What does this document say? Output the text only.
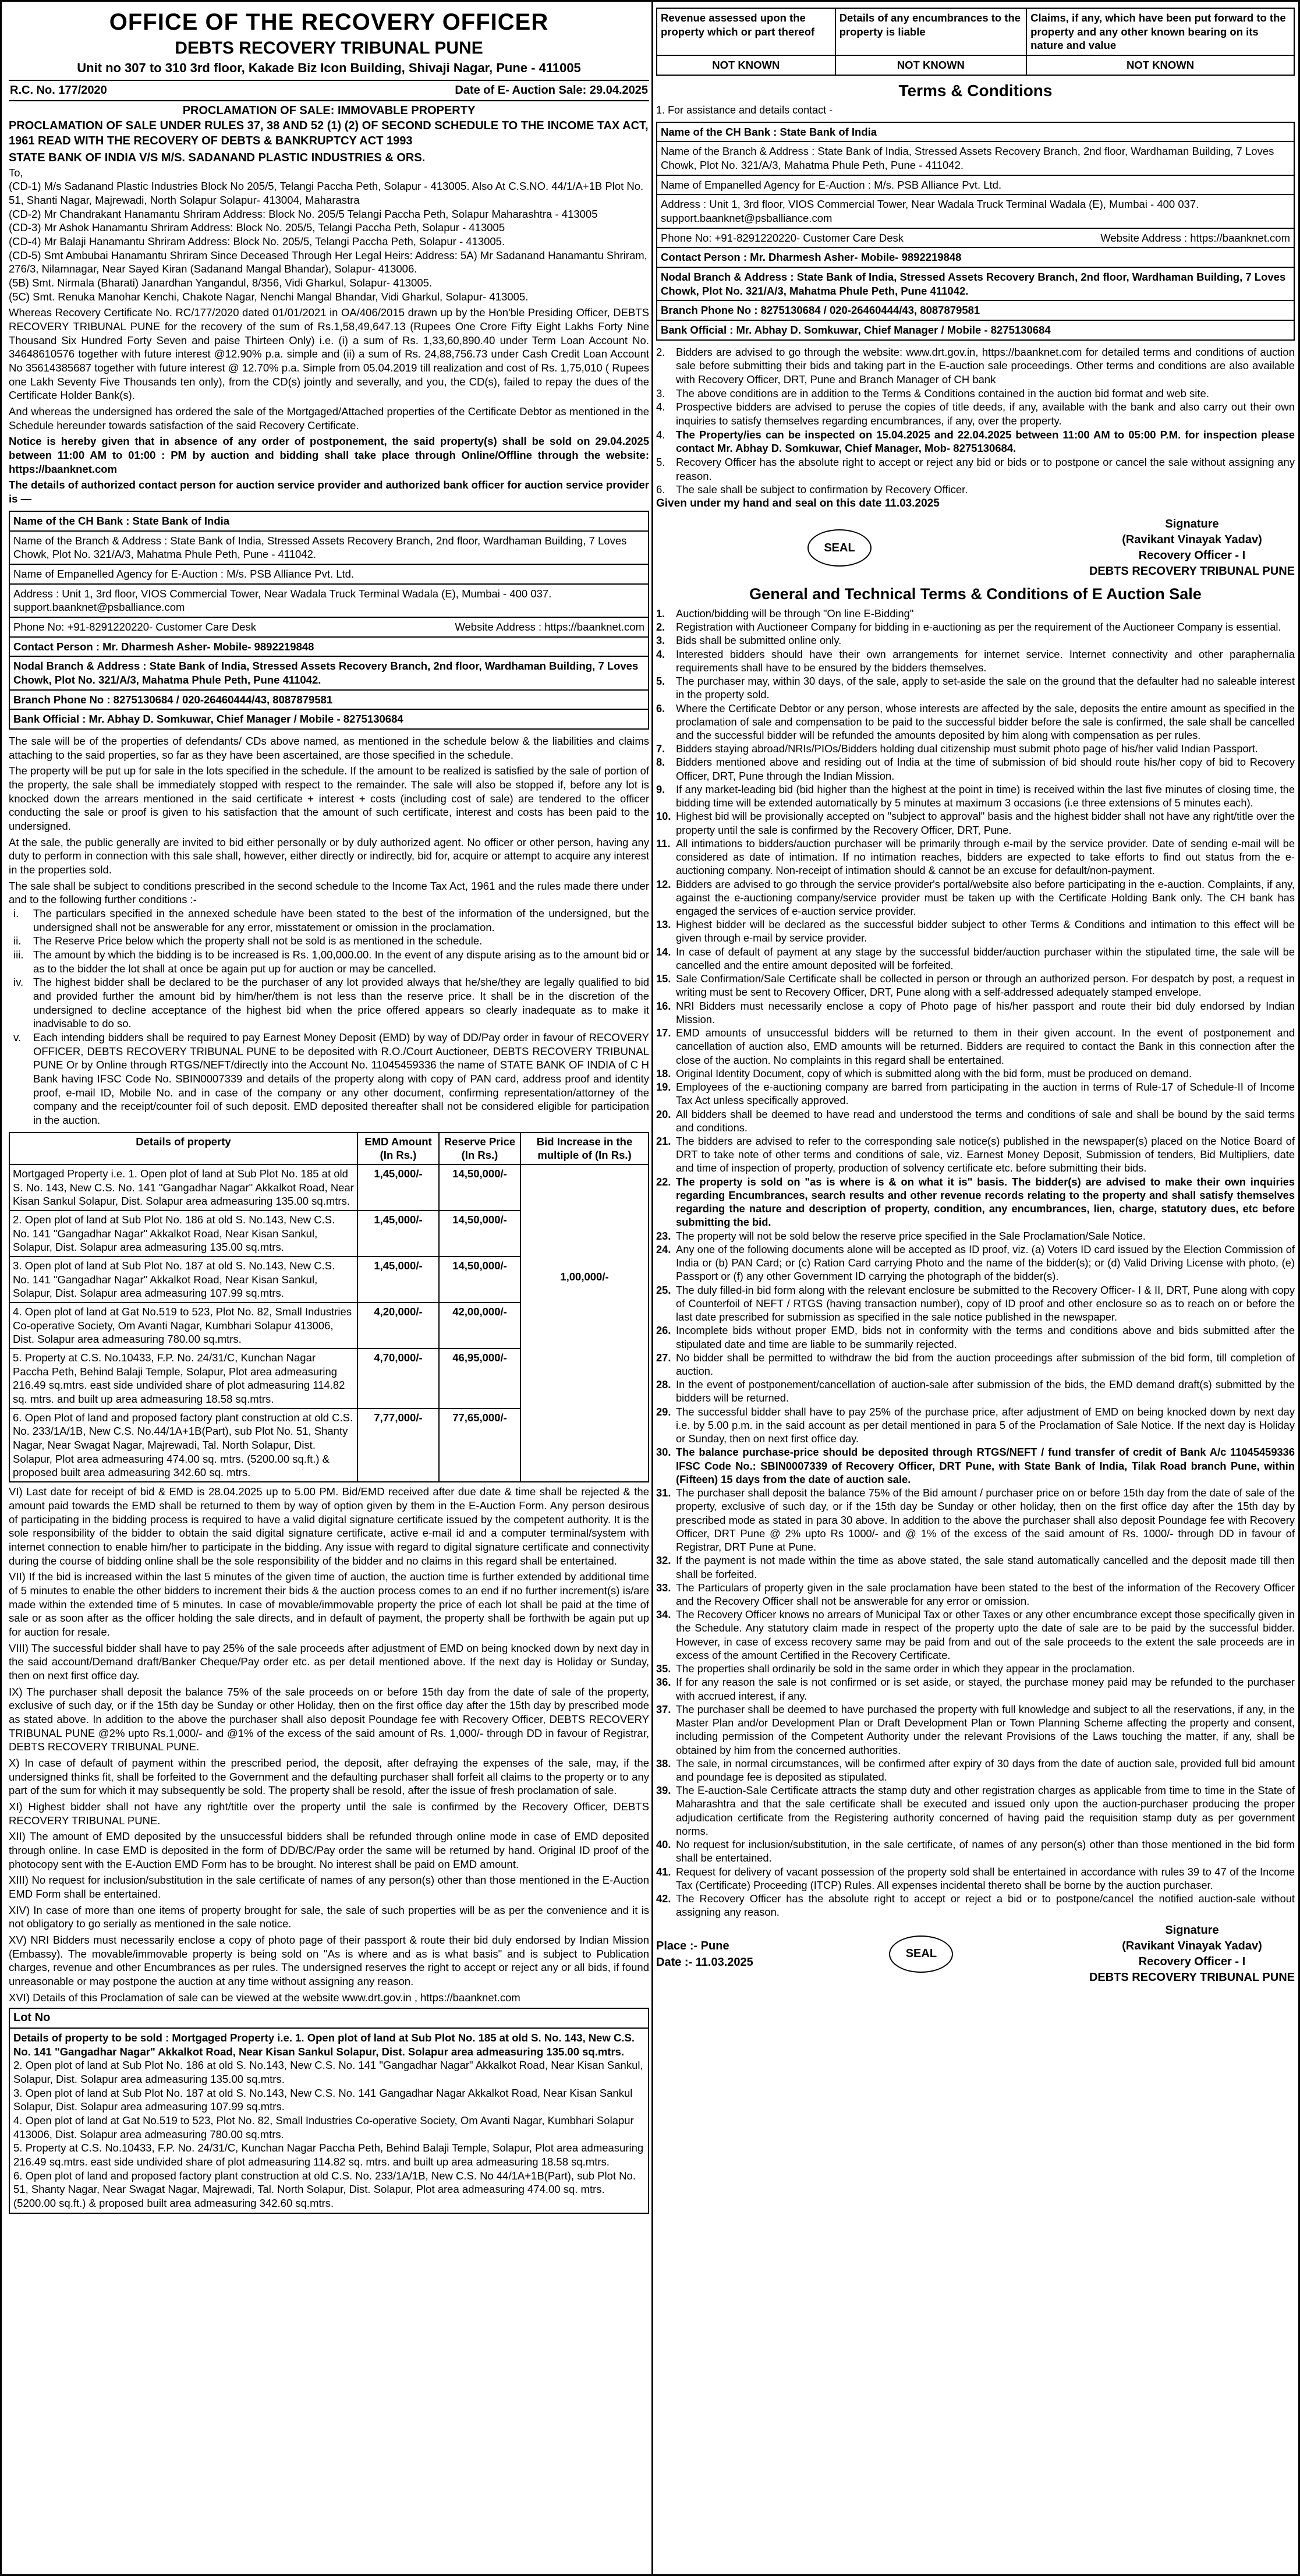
OFFICE OF THE RECOVERY OFFICER
DEBTS RECOVERY TRIBUNAL PUNE
Unit no 307 to 310 3rd floor, Kakade Biz Icon Building, Shivaji Nagar, Pune - 411005
R.C. No. 177/2020	Date of E- Auction Sale: 29.04.2025
PROCLAMATION OF SALE: IMMOVABLE PROPERTY
PROCLAMATION OF SALE UNDER RULES 37, 38 AND 52 (1) (2) OF SECOND SCHEDULE TO THE INCOME TAX ACT, 1961 READ WITH THE RECOVERY OF DEBTS & BANKRUPTCY ACT 1993
STATE BANK OF INDIA V/S M/S. SADANAND PLASTIC INDUSTRIES & ORS.
To,
(CD-1) M/s Sadanand Plastic Industries Block No 205/5, Telangi Paccha Peth, Solapur - 413005. Also At C.S.NO. 44/1/A+1B Plot No. 51, Shanti Nagar, Majrewadi, North Solapur Solapur- 413004, Maharastra
(CD-2) Mr Chandrakant Hanamantu Shriram Address: Block No. 205/5 Telangi Paccha Peth, Solapur Maharashtra - 413005
(CD-3) Mr Ashok Hanamantu Shriram Address: Block No. 205/5, Telangi Paccha Peth, Solapur - 413005
(CD-4) Mr Balaji Hanamantu Shriram Address: Block No. 205/5, Telangi Paccha Peth, Solapur - 413005.
(CD-5) Smt Ambubai Hanamantu Shriram Since Deceased Through Her Legal Heirs: Address: 5A) Mr Sadanand Hanamantu Shriram, 276/3, Nilamnagar, Near Sayed Kiran (Sadanand Mangal Bhandar), Solapur- 413006.
(5B) Smt. Nirmala (Bharati) Janardhan Yangandul, 8/356, Vidi Gharkul, Solapur- 413005.
(5C) Smt. Renuka Manohar Kenchi, Chakote Nagar, Nenchi Mangal Bhandar, Vidi Gharkul, Solapur- 413005.
Whereas Recovery Certificate No. RC/177/2020 dated 01/01/2021 in OA/406/2015 drawn up by the Hon'ble Presiding Officer, DEBTS RECOVERY TRIBUNAL PUNE for the recovery of the sum of Rs.1,58,49,647.13 (Rupees One Crore Fifty Eight Lakhs Forty Nine Thousand Six Hundred Forty Seven and paise Thirteen Only) i.e. (i) a sum of Rs. 1,33,60,890.40 under Term Loan Account No. 34648610576 together with future interest @12.90% p.a. simple and (ii) a sum of Rs. 24,88,756.73 under Cash Credit Loan Account No 35614385687 together with future interest @ 12.70% p.a. Simple from 05.04.2019 till realization and cost of Rs. 1,75,010 ( Rupees one Lakh Seventy Five Thousands ten only), from the CD(s) jointly and severally, and you, the CD(s), failed to repay the dues of the Certificate Holder Bank(s).
And whereas the undersigned has ordered the sale of the Mortgaged/Attached properties of the Certificate Debtor as mentioned in the Schedule hereunder towards satisfaction of the said Recovery Certificate.
Notice is hereby given that in absence of any order of postponement, the said property(s) shall be sold on 29.04.2025 between 11:00 AM to 01:00 : PM by auction and bidding shall take place through Online/Offline through the website: https://baanknet.com
The details of authorized contact person for auction service provider and authorized bank officer for auction service provider is —
Name of the CH Bank : State Bank of India
Name of the Branch & Address : State Bank of India, Stressed Assets Recovery Branch, 2nd floor, Wardhaman Building, 7 Loves Chowk, Plot No. 321/A/3, Mahatma Phule Peth, Pune - 411042.
Name of Empanelled Agency for E-Auction : M/s. PSB Alliance Pvt. Ltd.
Address : Unit 1, 3rd floor, VIOS Commercial Tower, Near Wadala Truck Terminal Wadala (E), Mumbai - 400 037. support.baanknet@psballiance.com
Phone No: +91-8291220220- Customer Care Desk	Website Address : https://baanknet.com
Contact Person : Mr. Dharmesh Asher- Mobile- 9892219848
Nodal Branch & Address : State Bank of India, Stressed Assets Recovery Branch, 2nd floor, Wardhaman Building, 7 Loves Chowk, Plot No. 321/A/3, Mahatma Phule Peth, Pune 411042.
Branch Phone No : 8275130684 / 020-26460444/43, 8087879581
Bank Official : Mr. Abhay D. Somkuwar, Chief Manager / Mobile - 8275130684
The sale will be of the properties of defendants/ CDs above named, as mentioned in the schedule below & the liabilities and claims attaching to the said properties, so far as they have been ascertained, are those specified in the schedule.
The property will be put up for sale in the lots specified in the schedule. If the amount to be realized is satisfied by the sale of portion of the property, the sale shall be immediately stopped with respect to the remainder. The sale will also be stopped if, before any lot is knocked down the arrears mentioned in the said certificate + interest + costs (including cost of sale) are tendered to the officer conducting the sale or proof is given to his satisfaction that the amount of such certificate, interest and costs has been paid to the undersigned.
At the sale, the public generally are invited to bid either personally or by duly authorized agent. No officer or other person, having any duty to perform in connection with this sale shall, however, either directly or indirectly, bid for, acquire or attempt to acquire any interest in the properties sold.
The sale shall be subject to conditions prescribed in the second schedule to the Income Tax Act, 1961 and the rules made there under and to the following further conditions :-
i.	The particulars specified in the annexed schedule have been stated to the best of the information of the undersigned, but the undersigned shall not be answerable for any error, misstatement or omission in the proclamation.
ii.	The Reserve Price below which the property shall not be sold is as mentioned in the schedule.
iii. The amount by which the bidding is to be increased is Rs. 1,00,000.00. In the event of any dispute arising as to the amount bid or as to the bidder the lot shall at once be again put up for auction or may be cancelled.
iv. The highest bidder shall be declared to be the purchaser of any lot provided always that he/she/they are legally qualified to bid and provided further the amount bid by him/her/them is not less than the reserve price. It shall be in the discretion of the undersigned to decline acceptance of the highest bid when the price offered appears so clearly inadequate as to make it inadvisable to do so.
v.	Each intending bidders shall be required to pay Earnest Money Deposit (EMD) by way of DD/Pay order in favour of RECOVERY OFFICER, DEBTS RECOVERY TRIBUNAL PUNE to be deposited with R.O./Court Auctioneer, DEBTS RECOVERY TRIBUNAL PUNE Or by Online through RTGS/NEFT/directly into the Account No. 11045459336 the name of STATE BANK OF INDIA of C H Bank having IFSC Code No. SBIN0007339 and details of the property along with copy of PAN card, address proof and identity proof, e-mail ID, Mobile No. and in case of the company or any other document, confirming representation/attorney of the company and the receipt/counter foil of such deposit. EMD deposited thereafter shall not be considered eligible for participation in the auction.
Details of property	EMD Amount (In Rs.)	Reserve Price (In Rs.)	Bid Increase in the multiple of (In Rs.)
Mortgaged Property i.e. 1. Open plot of land at Sub Plot No. 185 at old S. No. 143, New C.S. No. 141 "Gangadhar Nagar" Akkalkot Road, Near Kisan Sankul Solapur, Dist. Solapur area admeasuring 135.00 sq.mtrs.	1,45,000/-	14,50,000/-	1,00,000/-
2. Open plot of land at Sub Plot No. 186 at old S. No.143, New C.S. No. 141 "Gangadhar Nagar" Akkalkot Road, Near Kisan Sankul, Solapur, Dist. Solapur area admeasuring 135.00 sq.mtrs.	1,45,000/-	14,50,000/-	
3. Open plot of land at Sub Plot No. 187 at old S. No.143, New C.S. No. 141 "Gangadhar Nagar" Akkalkot Road, Near Kisan Sankul, Solapur, Dist. Solapur area admeasuring 107.99 sq.mtrs.	1,45,000/-	14,50,000/-	
4. Open plot of land at Gat No.519 to 523, Plot No. 82, Small Industries Co-operative Society, Om Avanti Nagar, Kumbhari Solapur 413006, Dist. Solapur area admeasuring 780.00 sq.mtrs.	4,20,000/-	42,00,000/-	
5. Property at C.S. No.10433, F.P. No. 24/31/C, Kunchan Nagar Paccha Peth, Behind Balaji Temple, Solapur, Plot area admeasuring 216.49 sq.mtrs. east side undivided share of plot admeasuring 114.82 sq. mtrs. and built up area admeasuring 18.58 sq.mtrs.	4,70,000/-	46,95,000/-	
6. Open Plot of land and proposed factory plant construction at old C.S. No. 233/1A/1B, New C.S. No.44/1A+1B(Part), sub Plot No. 51, Shanty Nagar, Near Swagat Nagar, Majrewadi, Tal. North Solapur, Dist. Solapur, Plot area admeasuring 474.00 sq. mtrs. (5200.00 sq.ft.) & proposed built area admeasuring 342.60 sq. mtrs.	7,77,000/-	77,65,000/-	
VI) Last date for receipt of bid & EMD is 28.04.2025 up to 5.00 PM. Bid/EMD received after due date & time shall be rejected & the amount paid towards the EMD shall be returned to them by way of option given by them in the E-Auction Form. Any person desirous of participating in the bidding process is required to have a valid digital signature certificate issued by the competent authority. It is the sole responsibility of the bidder to obtain the said digital signature certificate, active e-mail id and a computer terminal/system with internet connection to enable him/her to participate in the bidding. Any issue with regard to digital signature certificate and connectivity during the course of bidding online shall be the sole responsibility of the bidder and no claims in this regard shall be entertained.
VII) If the bid is increased within the last 5 minutes of the given time of auction, the auction time is further extended by additional time of 5 minutes to enable the other bidders to increment their bids & the auction process comes to an end if no further increment(s) is/are made within the extended time of 5 minutes. In case of movable/immovable property the price of each lot shall be paid at the time of sale or as soon after as the officer holding the sale directs, and in default of payment, the property shall be forthwith be again put up for auction for resale.
VIII) The successful bidder shall have to pay 25% of the sale proceeds after adjustment of EMD on being knocked down by next day in the said account/Demand draft/Banker Cheque/Pay order etc. as per detail mentioned above. If the next day is Holiday or Sunday, then on next first office day.
IX) The purchaser shall deposit the balance 75% of the sale proceeds on or before 15th day from the date of sale of the property, exclusive of such day, or if the 15th day be Sunday or other Holiday, then on the first office day after the 15th day by prescribed mode as stated above. In addition to the above the purchaser shall also deposit Poundage fee with Recovery Officer, DEBTS RECOVERY TRIBUNAL PUNE @2% upto Rs.1,000/- and @1% of the excess of the said amount of Rs. 1,000/- through DD in favour of Registrar, DEBTS RECOVERY TRIBUNAL PUNE.
X) In case of default of payment within the prescribed period, the deposit, after defraying the expenses of the sale, may, if the undersigned thinks fit, shall be forfeited to the Government and the defaulting purchaser shall forfeit all claims to the property or to any part of the sum for which it may subsequently be sold. The property shall be resold, after the issue of fresh proclamation of sale.
XI) Highest bidder shall not have any right/title over the property until the sale is confirmed by the Recovery Officer, DEBTS RECOVERY TRIBUNAL PUNE.
XII) The amount of EMD deposited by the unsuccessful bidders shall be refunded through online mode in case of EMD deposited through online. In case EMD is deposited in the form of DD/BC/Pay order the same will be returned by hand. Original ID proof of the photocopy sent with the E-Auction EMD Form has to be brought. No interest shall be paid on EMD amount.
XIII) No request for inclusion/substitution in the sale certificate of names of any person(s) other than those mentioned in the E-Auction EMD Form shall be entertained.
XIV) In case of more than one items of property brought for sale, the sale of such properties will be as per the convenience and it is not obligatory to go serially as mentioned in the sale notice.
XV) NRI Bidders must necessarily enclose a copy of photo page of their passport & route their bid duly endorsed by Indian Mission (Embassy). The movable/immovable property is being sold on "As is where and as is what basis" and is subject to Publication charges, revenue and other Encumbrances as per rules. The undersigned reserves the right to accept or reject any or all bids, if found unreasonable or may postpone the auction at any time without assigning any reason.
XVI) Details of this Proclamation of sale can be viewed at the website www.drt.gov.in , https://baanknet.com
Lot No
Details of property to be sold : Mortgaged Property i.e. 1. Open plot of land at Sub Plot No. 185 at old S. No. 143, New C.S. No. 141 "Gangadhar Nagar" Akkalkot Road, Near Kisan Sankul Solapur, Dist. Solapur area admeasuring 135.00 sq.mtrs.
2. Open plot of land at Sub Plot No. 186 at old S. No.143, New C.S. No. 141 "Gangadhar Nagar" Akkalkot Road, Near Kisan Sankul, Solapur, Dist. Solapur area admeasuring 135.00 sq.mtrs.
3. Open plot of land at Sub Plot No. 187 at old S. No.143, New C.S. No. 141 Gangadhar Nagar Akkalkot Road, Near Kisan Sankul Solapur, Dist. Solapur area admeasuring 107.99 sq.mtrs.
4. Open plot of land at Gat No.519 to 523, Plot No. 82, Small Industries Co-operative Society, Om Avanti Nagar, Kumbhari Solapur 413006, Dist. Solapur area admeasuring 780.00 sq.mtrs.
5. Property at C.S. No.10433, F.P. No. 24/31/C, Kunchan Nagar Paccha Peth, Behind Balaji Temple, Solapur, Plot area admeasuring 216.49 sq.mtrs. east side undivided share of plot admeasuring 114.82 sq. mtrs. and built up area admeasuring 18.58 sq.mtrs.
6. Open plot of land and proposed factory plant construction at old C.S. No. 233/1A/1B, New C.S. No 44/1A+1B(Part), sub Plot No. 51, Shanty Nagar, Near Swagat Nagar, Majrewadi, Tal. North Solapur, Dist. Solapur, Plot area admeasuring 474.00 sq. mtrs. (5200.00 sq.ft.) & proposed built area admeasuring 342.60 sq.mtrs.
Revenue assessed upon the property which or part thereof	Details of any encumbrances to the property is liable	Claims, if any, which have been put forward to the property and any other known bearing on its nature and value
NOT KNOWN	NOT KNOWN	NOT KNOWN
Terms & Conditions
1. For assistance and details contact -
Name of the CH Bank : State Bank of India
Name of the Branch & Address : State Bank of India, Stressed Assets Recovery Branch, 2nd floor, Wardhaman Building, 7 Loves Chowk, Plot No. 321/A/3, Mahatma Phule Peth, Pune - 411042.
Name of Empanelled Agency for E-Auction : M/s. PSB Alliance Pvt. Ltd.
Address : Unit 1, 3rd floor, VIOS Commercial Tower, Near Wadala Truck Terminal Wadala (E), Mumbai - 400 037. support.baanknet@psballiance.com
Phone No: +91-8291220220- Customer Care Desk	Website Address : https://baanknet.com
Contact Person : Mr. Dharmesh Asher- Mobile- 9892219848
Nodal Branch & Address : State Bank of India, Stressed Assets Recovery Branch, 2nd floor, Wardhaman Building, 7 Loves Chowk, Plot No. 321/A/3, Mahatma Phule Peth, Pune 411042.
Branch Phone No : 8275130684 / 020-26460444/43, 8087879581
Bank Official : Mr. Abhay D. Somkuwar, Chief Manager / Mobile - 8275130684
2.	Bidders are advised to go through the website: www.drt.gov.in, https://baanknet.com for detailed terms and conditions of auction sale before submitting their bids and taking part in the E-auction sale proceedings. Other terms and conditions are also available with Recovery Officer, DRT, Pune and Branch Manager of CH bank
3.	The above conditions are in addition to the Terms & Conditions contained in the auction bid format and web site.
4.	Prospective bidders are advised to peruse the copies of title deeds, if any, available with the bank and also carry out their own inquiries to satisfy themselves regarding encumbrances, if any, over the property.
4.	The Property/ies can be inspected on 15.04.2025 and 22.04.2025 between 11:00 AM to 05:00 P.M. for inspection please contact Mr. Abhay D. Somkuwar, Chief Manager, Mob- 8275130684.
5.	Recovery Officer has the absolute right to accept or reject any bid or bids or to postpone or cancel the sale without assigning any reason.
6.	The sale shall be subject to confirmation by Recovery Officer.
Given under my hand and seal on this date 11.03.2025
SEAL
Signature
(Ravikant Vinayak Yadav)
Recovery Officer - I
DEBTS RECOVERY TRIBUNAL PUNE
General and Technical Terms & Conditions of E Auction Sale
1.	Auction/bidding will be through "On line E-Bidding"
2.	Registration with Auctioneer Company for bidding in e-auctioning as per the requirement of the Auctioneer Company is essential.
3.	Bids shall be submitted online only.
4.	Interested bidders should have their own arrangements for internet service. Internet connectivity and other paraphernalia requirements shall have to be ensured by the bidders themselves.
5.	The purchaser may, within 30 days, of the sale, apply to set-aside the sale on the ground that the defaulter had no saleable interest in the property sold.
6.	Where the Certificate Debtor or any person, whose interests are affected by the sale, deposits the entire amount as specified in the proclamation of sale and compensation to be paid to the successful bidder before the sale is confirmed, the sale shall be cancelled and the successful bidder will be refunded the amounts deposited by him along with compensation as per rules.
7.	Bidders staying abroad/NRIs/PIOs/Bidders holding dual citizenship must submit photo page of his/her valid Indian Passport.
8.	Bidders mentioned above and residing out of India at the time of submission of bid should route his/her copy of bid to Recovery Officer, DRT, Pune through the Indian Mission.
9.	If any market-leading bid (bid higher than the highest at the point in time) is received within the last five minutes of closing time, the bidding time will be extended automatically by 5 minutes at maximum 3 occasions (i.e three extensions of 5 minutes each).
10. Highest bid will be provisionally accepted on "subject to approval" basis and the highest bidder shall not have any right/title over the property until the sale is confirmed by the Recovery Officer, DRT, Pune.
11. All intimations to bidders/auction purchaser will be primarily through e-mail by the service provider. Date of sending e-mail will be considered as date of intimation. If no intimation reaches, bidders are expected to take efforts to find out status from the e-auctioning company. Non-receipt of intimation should & cannot be an excuse for default/non-payment.
12. Bidders are advised to go through the service provider's portal/website also before participating in the e-auction. Complaints, if any, against the e-auctioning company/service provider must be taken up with the Certificate Holding Bank only. The CH bank has engaged the services of e-auction service provider.
13. Highest bidder will be declared as the successful bidder subject to other Terms & Conditions and intimation to this effect will be given through e-mail by service provider.
14. In case of default of payment at any stage by the successful bidder/auction purchaser within the stipulated time, the sale will be cancelled and the entire amount deposited will be forfeited.
15. Sale Confirmation/Sale Certificate shall be collected in person or through an authorized person. For despatch by post, a request in writing must be sent to Recovery Officer, DRT, Pune along with a self-addressed adequately stamped envelope.
16. NRI Bidders must necessarily enclose a copy of Photo page of his/her passport and route their bid duly endorsed by Indian Mission.
17. EMD amounts of unsuccessful bidders will be returned to them in their given account. In the event of postponement and cancellation of auction also, EMD amounts will be returned. Bidders are required to contact the Bank in this connection after the close of the auction. No complaints in this regard shall be entertained.
18. Original Identity Document, copy of which is submitted along with the bid form, must be produced on demand.
19. Employees of the e-auctioning company are barred from participating in the auction in terms of Rule-17 of Schedule-II of Income Tax Act unless specifically approved.
20. All bidders shall be deemed to have read and understood the terms and conditions of sale and shall be bound by the said terms and conditions.
21. The bidders are advised to refer to the corresponding sale notice(s) published in the newspaper(s) placed on the Notice Board of DRT to take note of other terms and conditions of sale, viz. Earnest Money Deposit, Submission of tenders, Bid Multipliers, date and time of inspection of property, production of solvency certificate etc. before submitting their bids.
22. The property is sold on "as is where is & on what it is" basis. The bidder(s) are advised to make their own inquiries regarding Encumbrances, search results and other revenue records relating to the property and shall satisfy themselves regarding the nature and description of property, condition, any encumbrances, lien, charge, statutory dues, etc before submitting the bid.
23. The property will not be sold below the reserve price specified in the Sale Proclamation/Sale Notice.
24. Any one of the following documents alone will be accepted as ID proof, viz. (a) Voters ID card issued by the Election Commission of India or (b) PAN Card; or (c) Ration Card carrying Photo and the name of the bidder(s); or (d) Valid Driving License with photo, (e) Passport or (f) any other Government ID carrying the photograph of the bidder(s).
25. The duly filled-in bid form along with the relevant enclosure be submitted to the Recovery Officer- I & II, DRT, Pune along with copy of Counterfoil of NEFT / RTGS (having transaction number), copy of ID proof and other enclosure so as to reach on or before the last date prescribed for submission as specified in the sale notice published in the newspaper.
26. Incomplete bids without proper EMD, bids not in conformity with the terms and conditions above and bids submitted after the stipulated date and time are liable to be summarily rejected.
27. No bidder shall be permitted to withdraw the bid from the auction proceedings after submission of the bid form, till completion of auction.
28. In the event of postponement/cancellation of auction-sale after submission of the bids, the EMD demand draft(s) submitted by the bidders will be returned.
29. The successful bidder shall have to pay 25% of the purchase price, after adjustment of EMD on being knocked down by next day i.e. by 5.00 p.m. in the said account as per detail mentioned in para 5 of the Proclamation of Sale Notice. If the next day is Holiday or Sunday, then on next first office day.
30. The balance purchase-price should be deposited through RTGS/NEFT / fund transfer of credit of Bank A/c 11045459336 IFSC Code No.: SBIN0007339 of Recovery Officer, DRT Pune, with State Bank of India, Tilak Road branch Pune, within (Fifteen) 15 days from the date of auction sale.
31. The purchaser shall deposit the balance 75% of the Bid amount / purchaser price on or before 15th day from the date of sale of the property, exclusive of such day, or if the 15th day be Sunday or other holiday, then on the first office day after the 15th day by prescribed mode as stated in para 30 above. In addition to the above the purchaser shall also deposit Poundage fee with Recovery Officer, DRT Pune @ 2% upto Rs 1000/- and @ 1% of the excess of the said amount of Rs. 1000/- through DD in favour of Registrar, DRT Pune at Pune.
32. If the payment is not made within the time as above stated, the sale stand automatically cancelled and the deposit made till then shall be forfeited.
33. The Particulars of property given in the sale proclamation have been stated to the best of the information of the Recovery Officer and the Recovery Officer shall not be answerable for any error or omission.
34. The Recovery Officer knows no arrears of Municipal Tax or other Taxes or any other encumbrance except those specifically given in the Schedule. Any statutory claim made in respect of the property upto the date of sale are to be paid by the successful bidder. However, in case of excess recovery same may be paid from and out of the sale proceeds to the extent the sale proceeds are in excess of the amount Certified in the Recovery Certificate.
35. The properties shall ordinarily be sold in the same order in which they appear in the proclamation.
36. If for any reason the sale is not confirmed or is set aside, or stayed, the purchase money paid may be refunded to the purchaser with accrued interest, if any.
37. The purchaser shall be deemed to have purchased the property with full knowledge and subject to all the reservations, if any, in the Master Plan and/or Development Plan or Draft Development Plan or Town Planning Scheme affecting the property and consent, including permission of the Competent Authority under the relevant Provisions of the Laws touching the matter, if any, shall be obtained by him from the concerned authorities.
38. The sale, in normal circumstances, will be confirmed after expiry of 30 days from the date of auction sale, provided full bid amount and poundage fee is deposited as stipulated.
39. The E-auction-Sale Certificate attracts the stamp duty and other registration charges as applicable from time to time in the State of Maharashtra and that the sale certificate shall be executed and issued only upon the auction-purchaser producing the proper adjudication certificate from the Registering authority concerned of having paid the requisition stamp duty as per government norms.
40. No request for inclusion/substitution, in the sale certificate, of names of any person(s) other than those mentioned in the bid form shall be entertained.
41. Request for delivery of vacant possession of the property sold shall be entertained in accordance with rules 39 to 47 of the Income Tax (Certificate) Proceeding (ITCP) Rules. All expenses incidental thereto shall be borne by the auction purchaser.
42. The Recovery Officer has the absolute right to accept or reject a bid or to postpone/cancel the notified auction-sale without assigning any reason.
Place :- Pune
Date :- 11.03.2025
SEAL
Signature
(Ravikant Vinayak Yadav)
Recovery Officer - I
DEBTS RECOVERY TRIBUNAL PUNE
